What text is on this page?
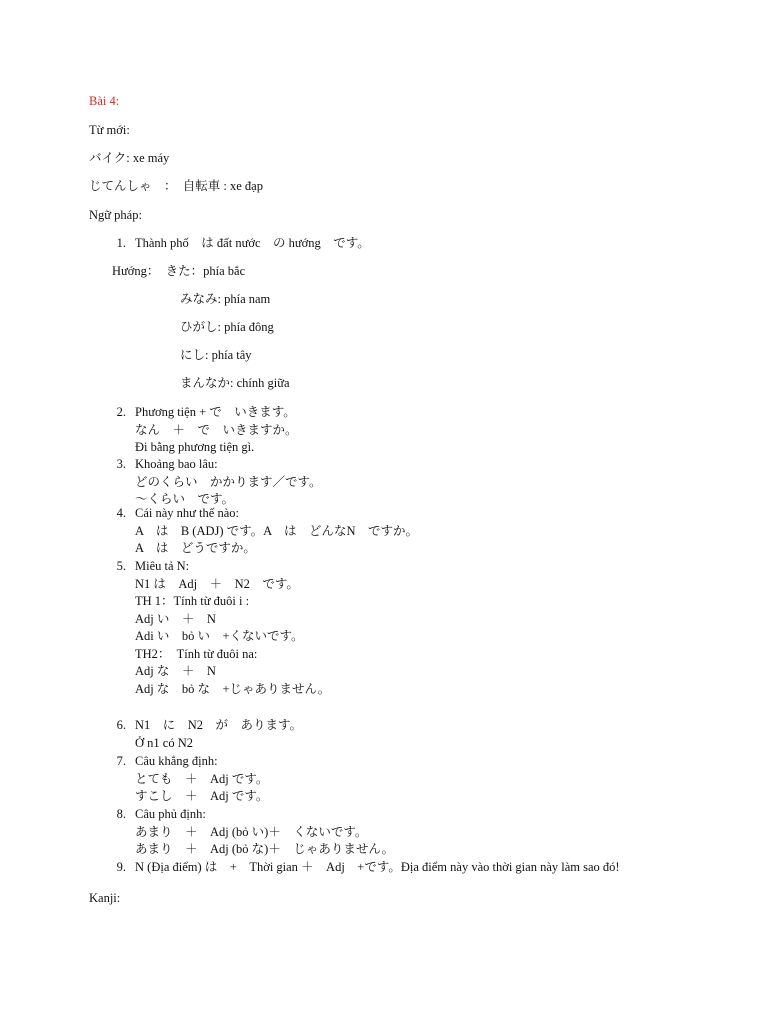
Bài 4:
Từ mới:
バイク: xe máy
じてんしゃ　：　自転車 : xe đạp
Ngữ pháp:
1. Thành phố　は đất nước　の hướng　です。
Hướng：　きた：phía bắc
みなみ: phía nam
ひがし: phía đông
にし: phía tây
まんなか: chính giữa
2. Phương tiện + で　いきます。
なん　＋　で　いきますか。
Đi bằng phương tiện gì.
3. Khoảng bao lâu:
どのくらい　かかります／です。
～くらい　です。
4. Cái này như thế nào:
A　は　B (ADJ) です。A　は　どんなN　ですか。
A　は　どうですか。
5. Miêu tả N:
N1 は　Adj　＋　N2　です。
TH 1：Tính từ đuôi i :
Adj い　＋　N
Adi い　bỏ い　+くないです。
TH2：　Tính từ đuôi na:
Adj な　＋　N
Adj な　bỏ な　+じゃありません。
6. N1　に　N2　が　あります。
Ở n1 có N2
7. Câu khẳng định:
とても　＋　Adj です。
すこし　＋　Adj です。
8. Câu phủ định:
あまり　＋　Adj (bỏ い)＋　くないです。
あまり　＋　Adj (bỏ な)＋　じゃありません。
9. N (Địa điểm) は　+　Thời gian ＋　Adj　+です。Địa điểm này vào thời gian này làm sao đó!
Kanji:
